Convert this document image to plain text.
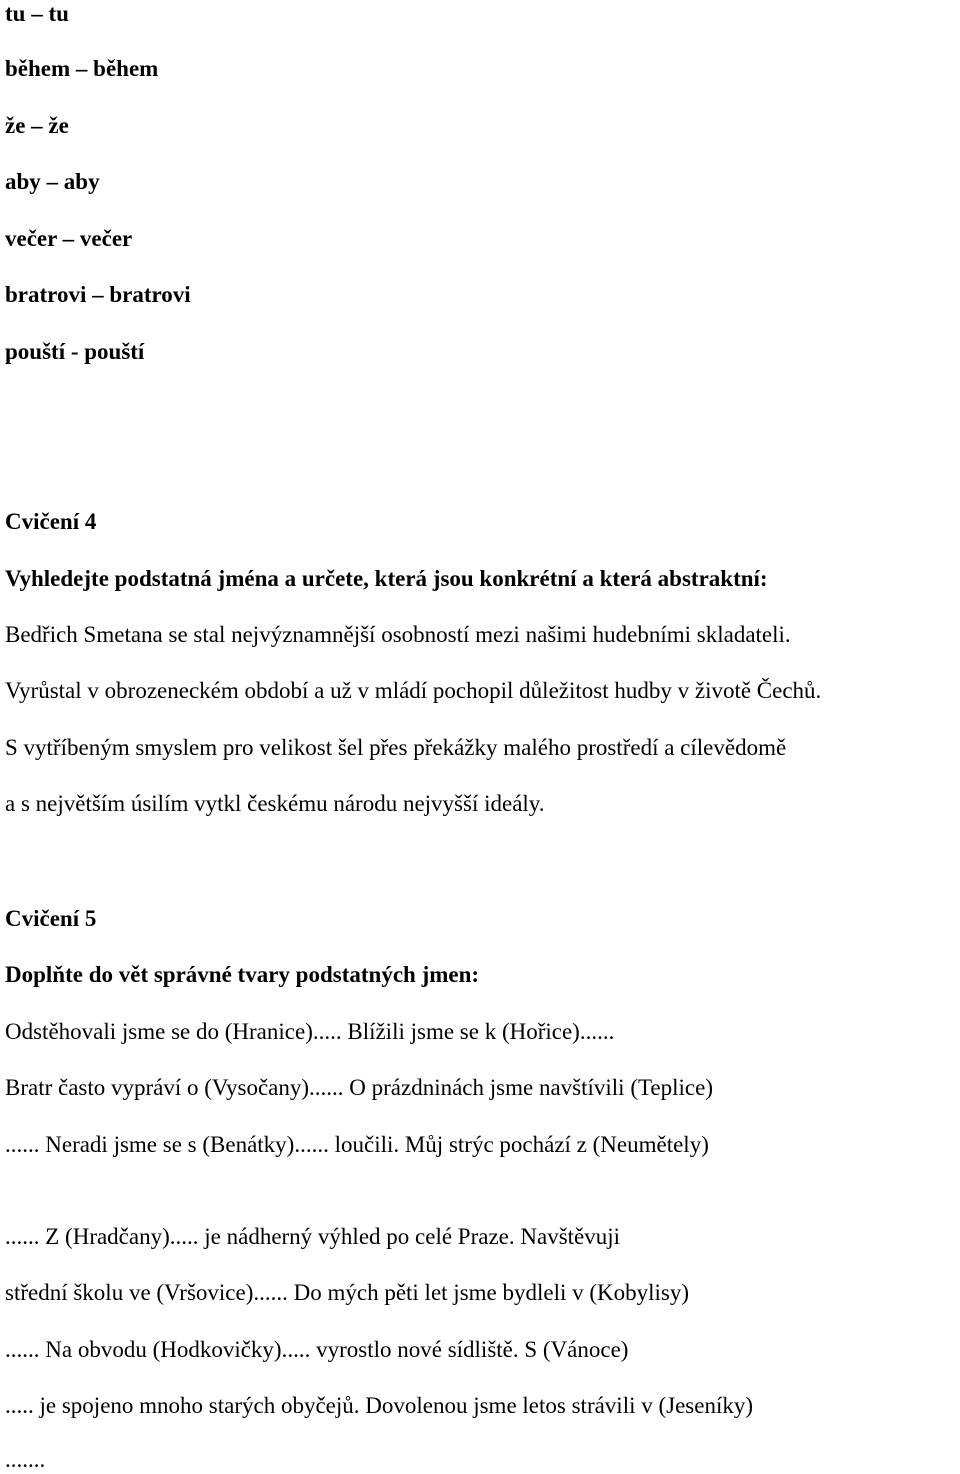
tu – tu

během – během

že – že

aby – aby

večer – večer

bratrovi – bratrovi

pouští - pouští

Cvičení 4

Vyhledejte podstatná jména a určete, která jsou konkrétní a která abstraktní:

Bedřich Smetana se stal nejvýznamnější osobností mezi našimi hudebními skladateli.

Vyrůstal v obrozeneckém období a už v mládí pochopil důležitost hudby v životě Čechů.

S vytříbeným smyslem pro velikost šel přes překážky malého prostředí a cílevědomě

a s největším úsilím vytkl českému národu nejvyšší ideály.

Cvičení 5

Doplňte do vět správné tvary podstatných jmen:

Odstěhovali jsme se do (Hranice)..... Blížili jsme se k (Hořice)......

Bratr často vypráví o (Vysočany)...... O prázdninách jsme navštívili (Teplice)

...... Neradi jsme se s (Benátky)...... loučili. Můj strýc pochází z (Neumětely)

...... Z (Hradčany)..... je nádherný výhled po celé Praze. Navštěvuji

střední školu ve (Vršovice)...... Do mých pěti let jsme bydleli v (Kobylisy)

...... Na obvodu (Hodkovičky)..... vyrostlo nové sídliště. S (Vánoce)

..... je spojeno mnoho starých obyčejů. Dovolenou jsme letos strávili v (Jeseníky)

.......
